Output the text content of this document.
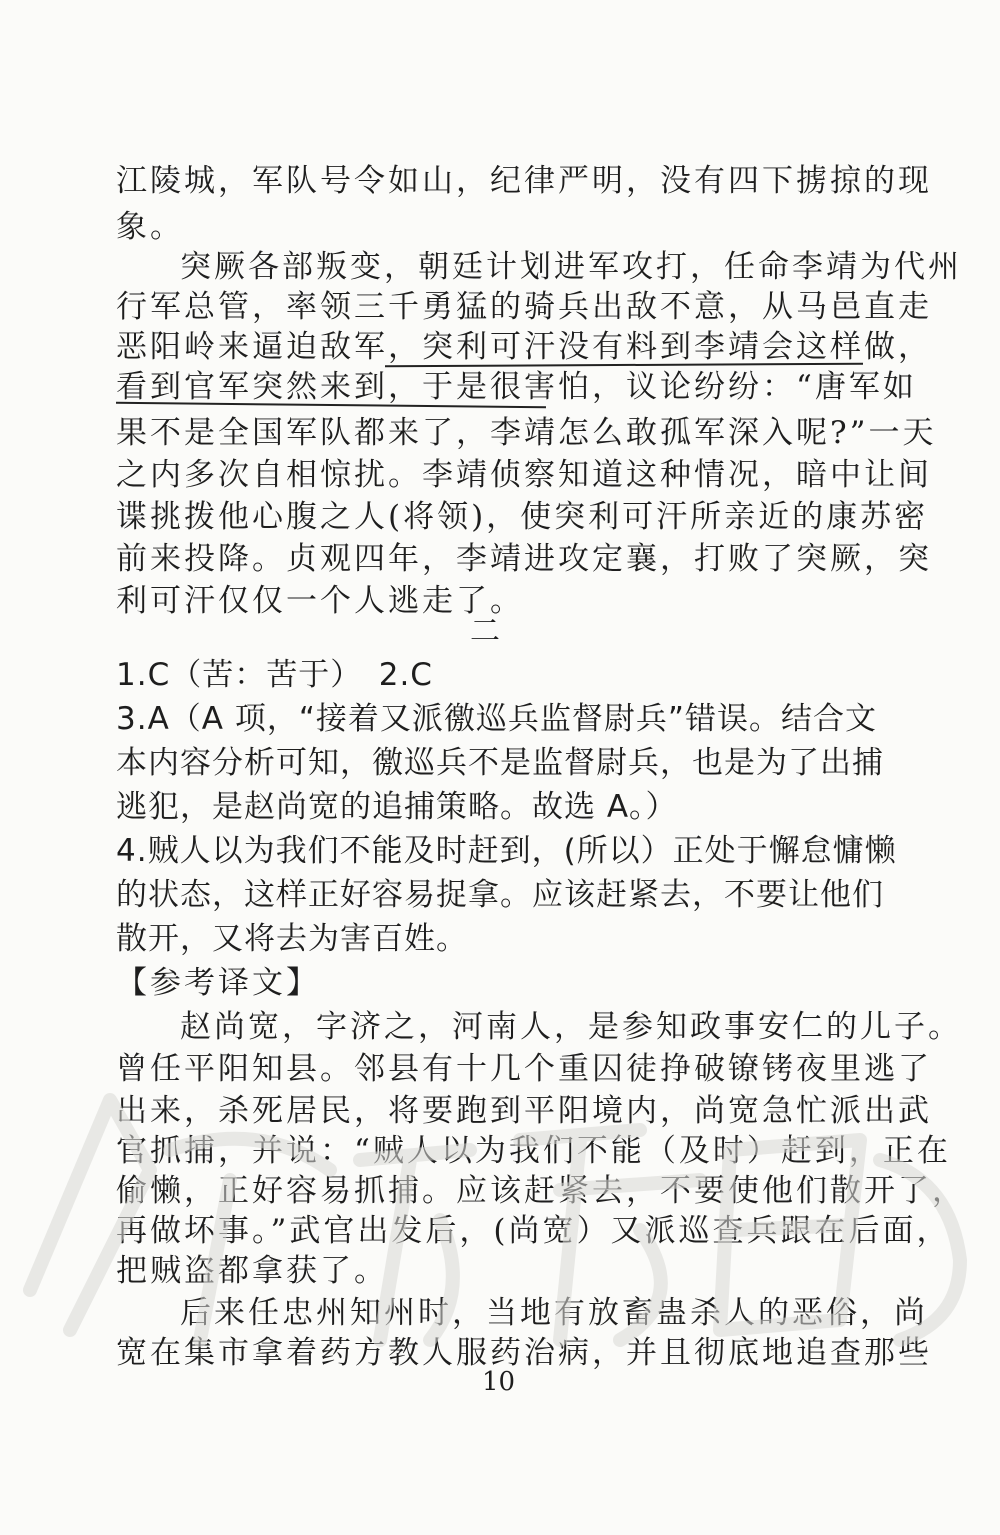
江陵城，军队号令如山，纪律严明，没有四下掳掠的现
象。
突厥各部叛变，朝廷计划进军攻打，任命李靖为代州
行军总管，率领三千勇猛的骑兵出敌不意，从马邑直走
恶阳岭来逼迫敌军，突利可汗没有料到李靖会这样做，
看到官军突然来到，于是很害怕，议论纷纷：“唐军如
果不是全国军队都来了，李靖怎么敢孤军深入呢?”一天
之内多次自相惊扰。李靖侦察知道这种情况，暗中让间
谍挑拨他心腹之人(将领)，使突利可汗所亲近的康苏密
前来投降。贞观四年，李靖进攻定襄，打败了突厥，突
利可汗仅仅一个人逃走了。
二
1.C（苦：苦于）　2.C
3.A（A 项，“接着又派徼巡兵监督尉兵”错误。结合文
本内容分析可知，徼巡兵不是监督尉兵，也是为了出捕
逃犯，是赵尚宽的追捕策略。故选 A。）
4.贼人以为我们不能及时赶到，(所以）正处于懈怠慵懒
的状态，这样正好容易捉拿。应该赶紧去，不要让他们
散开，又将去为害百姓。
【参考译文】
赵尚宽，字济之，河南人，是参知政事安仁的儿子。
曾任平阳知县。邻县有十几个重囚徒挣破镣铐夜里逃了
出来，杀死居民，将要跑到平阳境内，尚宽急忙派出武
官抓捕，并说：“贼人以为我们不能（及时）赶到，正在
偷懒，正好容易抓捕。应该赶紧去，不要使他们散开了，
再做坏事。”武官出发后，(尚宽）又派巡查兵跟在后面，
把贼盗都拿获了。
后来任忠州知州时，当地有放畜蛊杀人的恶俗，尚
宽在集市拿着药方教人服药治病，并且彻底地追查那些
10
